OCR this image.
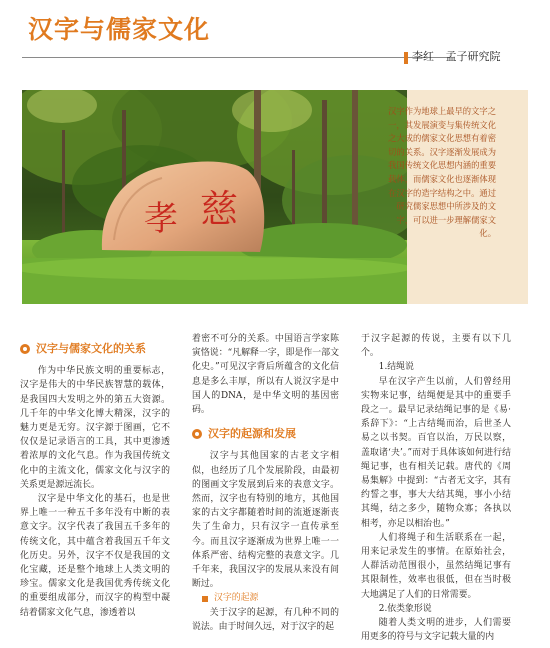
汉字与儒家文化
李红 孟子研究院
孝 慈
汉字作为地球上最早的文字之一，其发展演变与集传统文化之大成的儒家文化思想有着密切的关系。汉字逐渐发展成为我国传统文化思想内涵的重要载体，而儒家文化也逐渐体现在汉字的造字结构之中。通过研究儒家思想中所涉及的文字，可以进一步理解儒家文化。
汉字与儒家文化的关系

作为中华民族文明的重要标志，汉字是伟大的中华民族智慧的载体，是我国四大发明之外的第五大资源。几千年的中华文化博大精深，汉字的魅力更是无穷。汉字源于图画，它不仅仅是记录语言的工具，其中更渗透着浓厚的文化气息。作为我国传统文化中的主流文化，儒家文化与汉字的关系更是源远流长。

汉字是中华文化的基石，也是世界上唯一一种五千多年没有中断的表意文字。汉字代表了我国五千多年的传统文化，其中蕴含着我国五千年文化历史。另外，汉字不仅是我国的文化宝藏，还是整个地球上人类文明的珍宝。儒家文化是我国优秀传统文化的重要组成部分，而汉字的构型中凝结着儒家文化气息，渗透着以

着密不可分的关系。中国语言学家陈寅恪说：“凡解释一字，即是作一部文化史。”可见汉字背后所蕴含的文化信息是多么丰厚，所以有人说汉字是中国人的DNA，是中华文明的基因密码。

汉字的起源和发展

汉字与其他国家的古老文字相似，也经历了几个发展阶段，由最初的图画文字发展到后来的表意文字。然而，汉字也有特别的地方，其他国家的古文字都随着时间的流逝逐渐丧失了生命力，只有汉字一直传承至今。而且汉字逐渐成为世界上唯一一体系严密、结构完整的表意文字。几千年来，我国汉字的发展从来没有间断过。

汉字的起源

关于汉字的起源，有几种不同的说法。由于时间久远，对于汉字的起

于汉字起源的传说，主要有以下几个。

1.结绳说

早在汉字产生以前，人们曾经用实物来记事，结绳便是其中的重要手段之一。最早记录结绳记事的是《易·系辞下》：“上古结绳而治，后世圣人易之以书契。百官以治，万民以察，盖取诸‘夬’。”而对于具体该如何进行结绳记事，也有相关记载。唐代的《周易集解》中提到：“古者无文字，其有约誓之事，事大大结其绳，事小小结其绳，结之多少，随物众寡；各执以相考，亦足以相治也。”

人们将绳子和生活联系在一起，用来记录发生的事情。在原始社会，人群活动范围很小，虽然结绳记事有其限制性，效率也很低，但在当时极大地满足了人们的日常需要。

2.依类象形说

随着人类文明的进步，人们需要用更多的符号与文字记载大量的内
